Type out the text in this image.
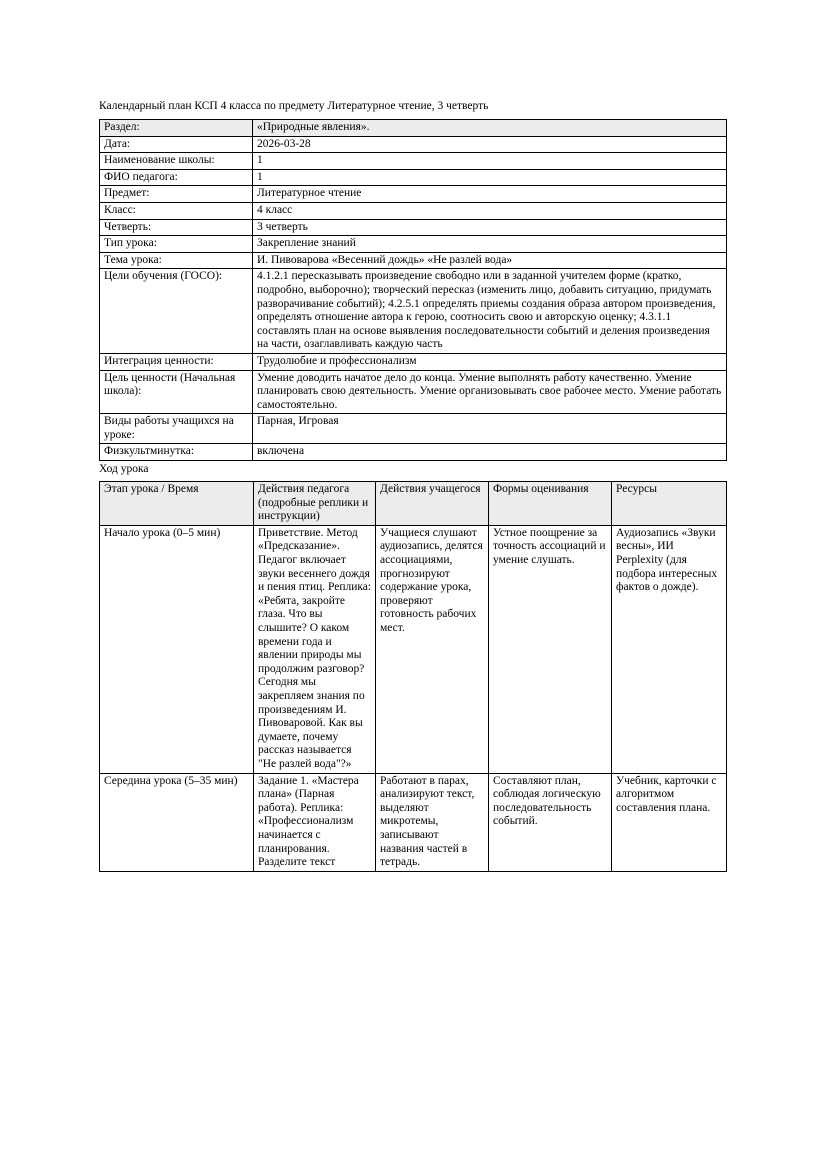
Календарный план КСП 4 класса по предмету Литературное чтение, 3 четверть

Раздел:	«Природные явления».
Дата:	2026-03-28
Наименование школы:	1
ФИО педагога:	1
Предмет:	Литературное чтение
Класс:	4 класс
Четверть:	3 четверть
Тип урока:	Закрепление знаний
Тема урока:	И. Пивоварова «Весенний дождь» «Не разлей вода»
Цели обучения (ГОСО):	4.1.2.1 пересказывать произведение свободно или в заданной учителем форме (кратко, подробно, выборочно); творческий пересказ (изменить лицо, добавить ситуацию, придумать разворачивание событий); 4.2.5.1 определять приемы создания образа автором произведения, определять отношение автора к герою, соотносить свою и авторскую оценку; 4.3.1.1 составлять план на основе выявления последовательности событий и деления произведения на части, озаглавливать каждую часть
Интеграция ценности:	Трудолюбие и профессионализм
Цель ценности (Начальная школа):	Умение доводить начатое дело до конца. Умение выполнять работу качественно. Умение планировать свою деятельность. Умение организовывать свое рабочее место. Умение работать самостоятельно.
Виды работы учащихся на уроке:	Парная, Игровая
Физкультминутка:	включена

Ход урока

Этап урока / Время	Действия педагога (подробные реплики и инструкции)	Действия учащегося	Формы оценивания	Ресурсы
Начало урока (0–5 мин)	Приветствие. Метод «Предсказание». Педагог включает звуки весеннего дождя и пения птиц. Реплика: «Ребята, закройте глаза. Что вы слышите? О каком времени года и явлении природы мы продолжим разговор? Сегодня мы закрепляем знания по произведениям И. Пивоваровой. Как вы думаете, почему рассказ называется "Не разлей вода"?»	Учащиеся слушают аудиозапись, делятся ассоциациями, прогнозируют содержание урока, проверяют готовность рабочих мест.	Устное поощрение за точность ассоциаций и умение слушать.	Аудиозапись «Звуки весны», ИИ Perplexity (для подбора интересных фактов о дожде).
Середина урока (5–35 мин)	Задание 1. «Мастера плана» (Парная работа). Реплика: «Профессионализм начинается с планирования. Разделите текст	Работают в парах, анализируют текст, выделяют микротемы, записывают названия частей в тетрадь.	Составляют план, соблюдая логическую последовательность событий.	Учебник, карточки с алгоритмом составления плана.
